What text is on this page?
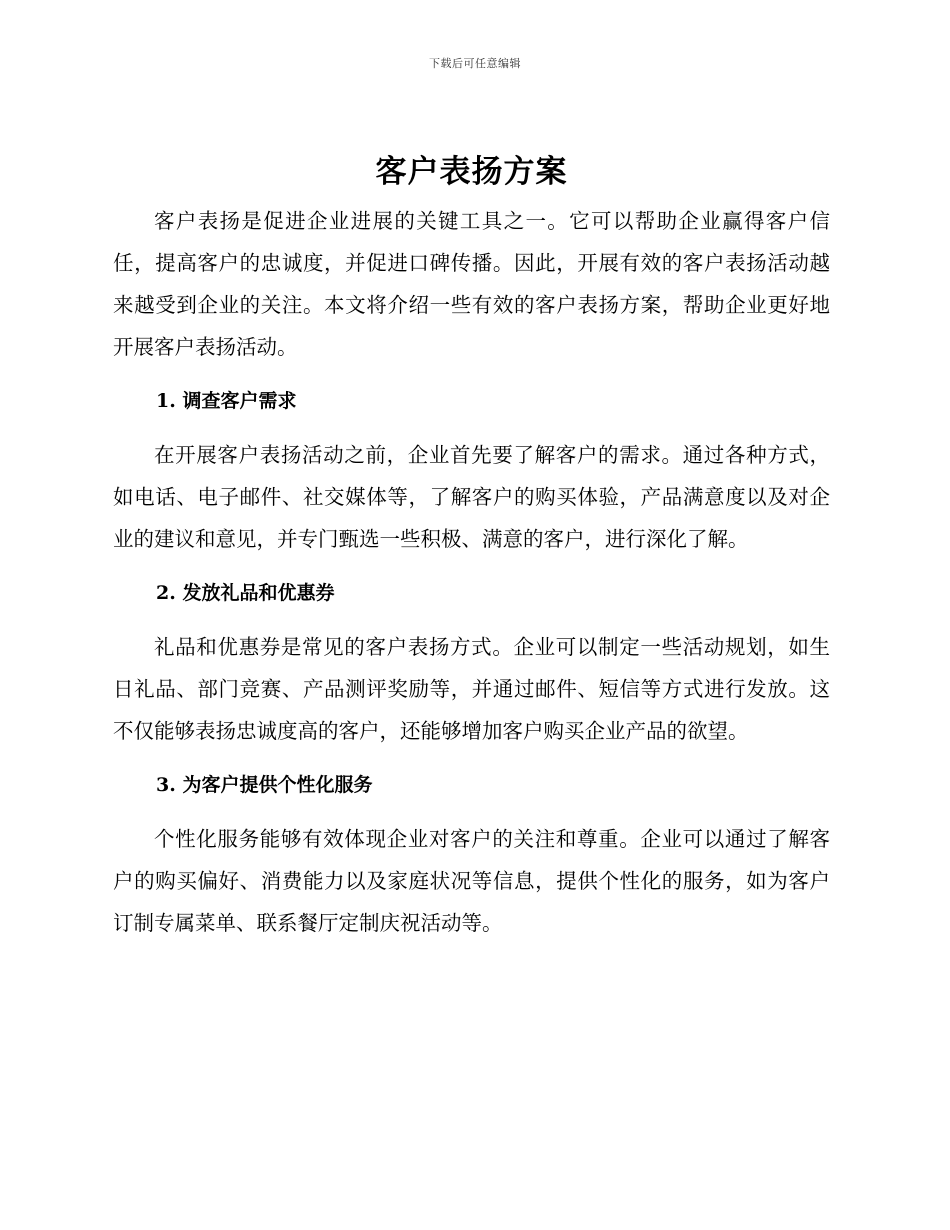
下载后可任意编辑
客户表扬方案

客户表扬是促进企业进展的关键工具之一。它可以帮助企业赢得客户信任，提高客户的忠诚度，并促进口碑传播。因此，开展有效的客户表扬活动越来越受到企业的关注。本文将介绍一些有效的客户表扬方案，帮助企业更好地开展客户表扬活动。

1. 调查客户需求

在开展客户表扬活动之前，企业首先要了解客户的需求。通过各种方式，如电话、电子邮件、社交媒体等，了解客户的购买体验，产品满意度以及对企业的建议和意见，并专门甄选一些积极、满意的客户，进行深化了解。

2. 发放礼品和优惠券

礼品和优惠券是常见的客户表扬方式。企业可以制定一些活动规划，如生日礼品、部门竞赛、产品测评奖励等，并通过邮件、短信等方式进行发放。这不仅能够表扬忠诚度高的客户，还能够增加客户购买企业产品的欲望。

3. 为客户提供个性化服务

个性化服务能够有效体现企业对客户的关注和尊重。企业可以通过了解客户的购买偏好、消费能力以及家庭状况等信息，提供个性化的服务，如为客户订制专属菜单、联系餐厅定制庆祝活动等。
